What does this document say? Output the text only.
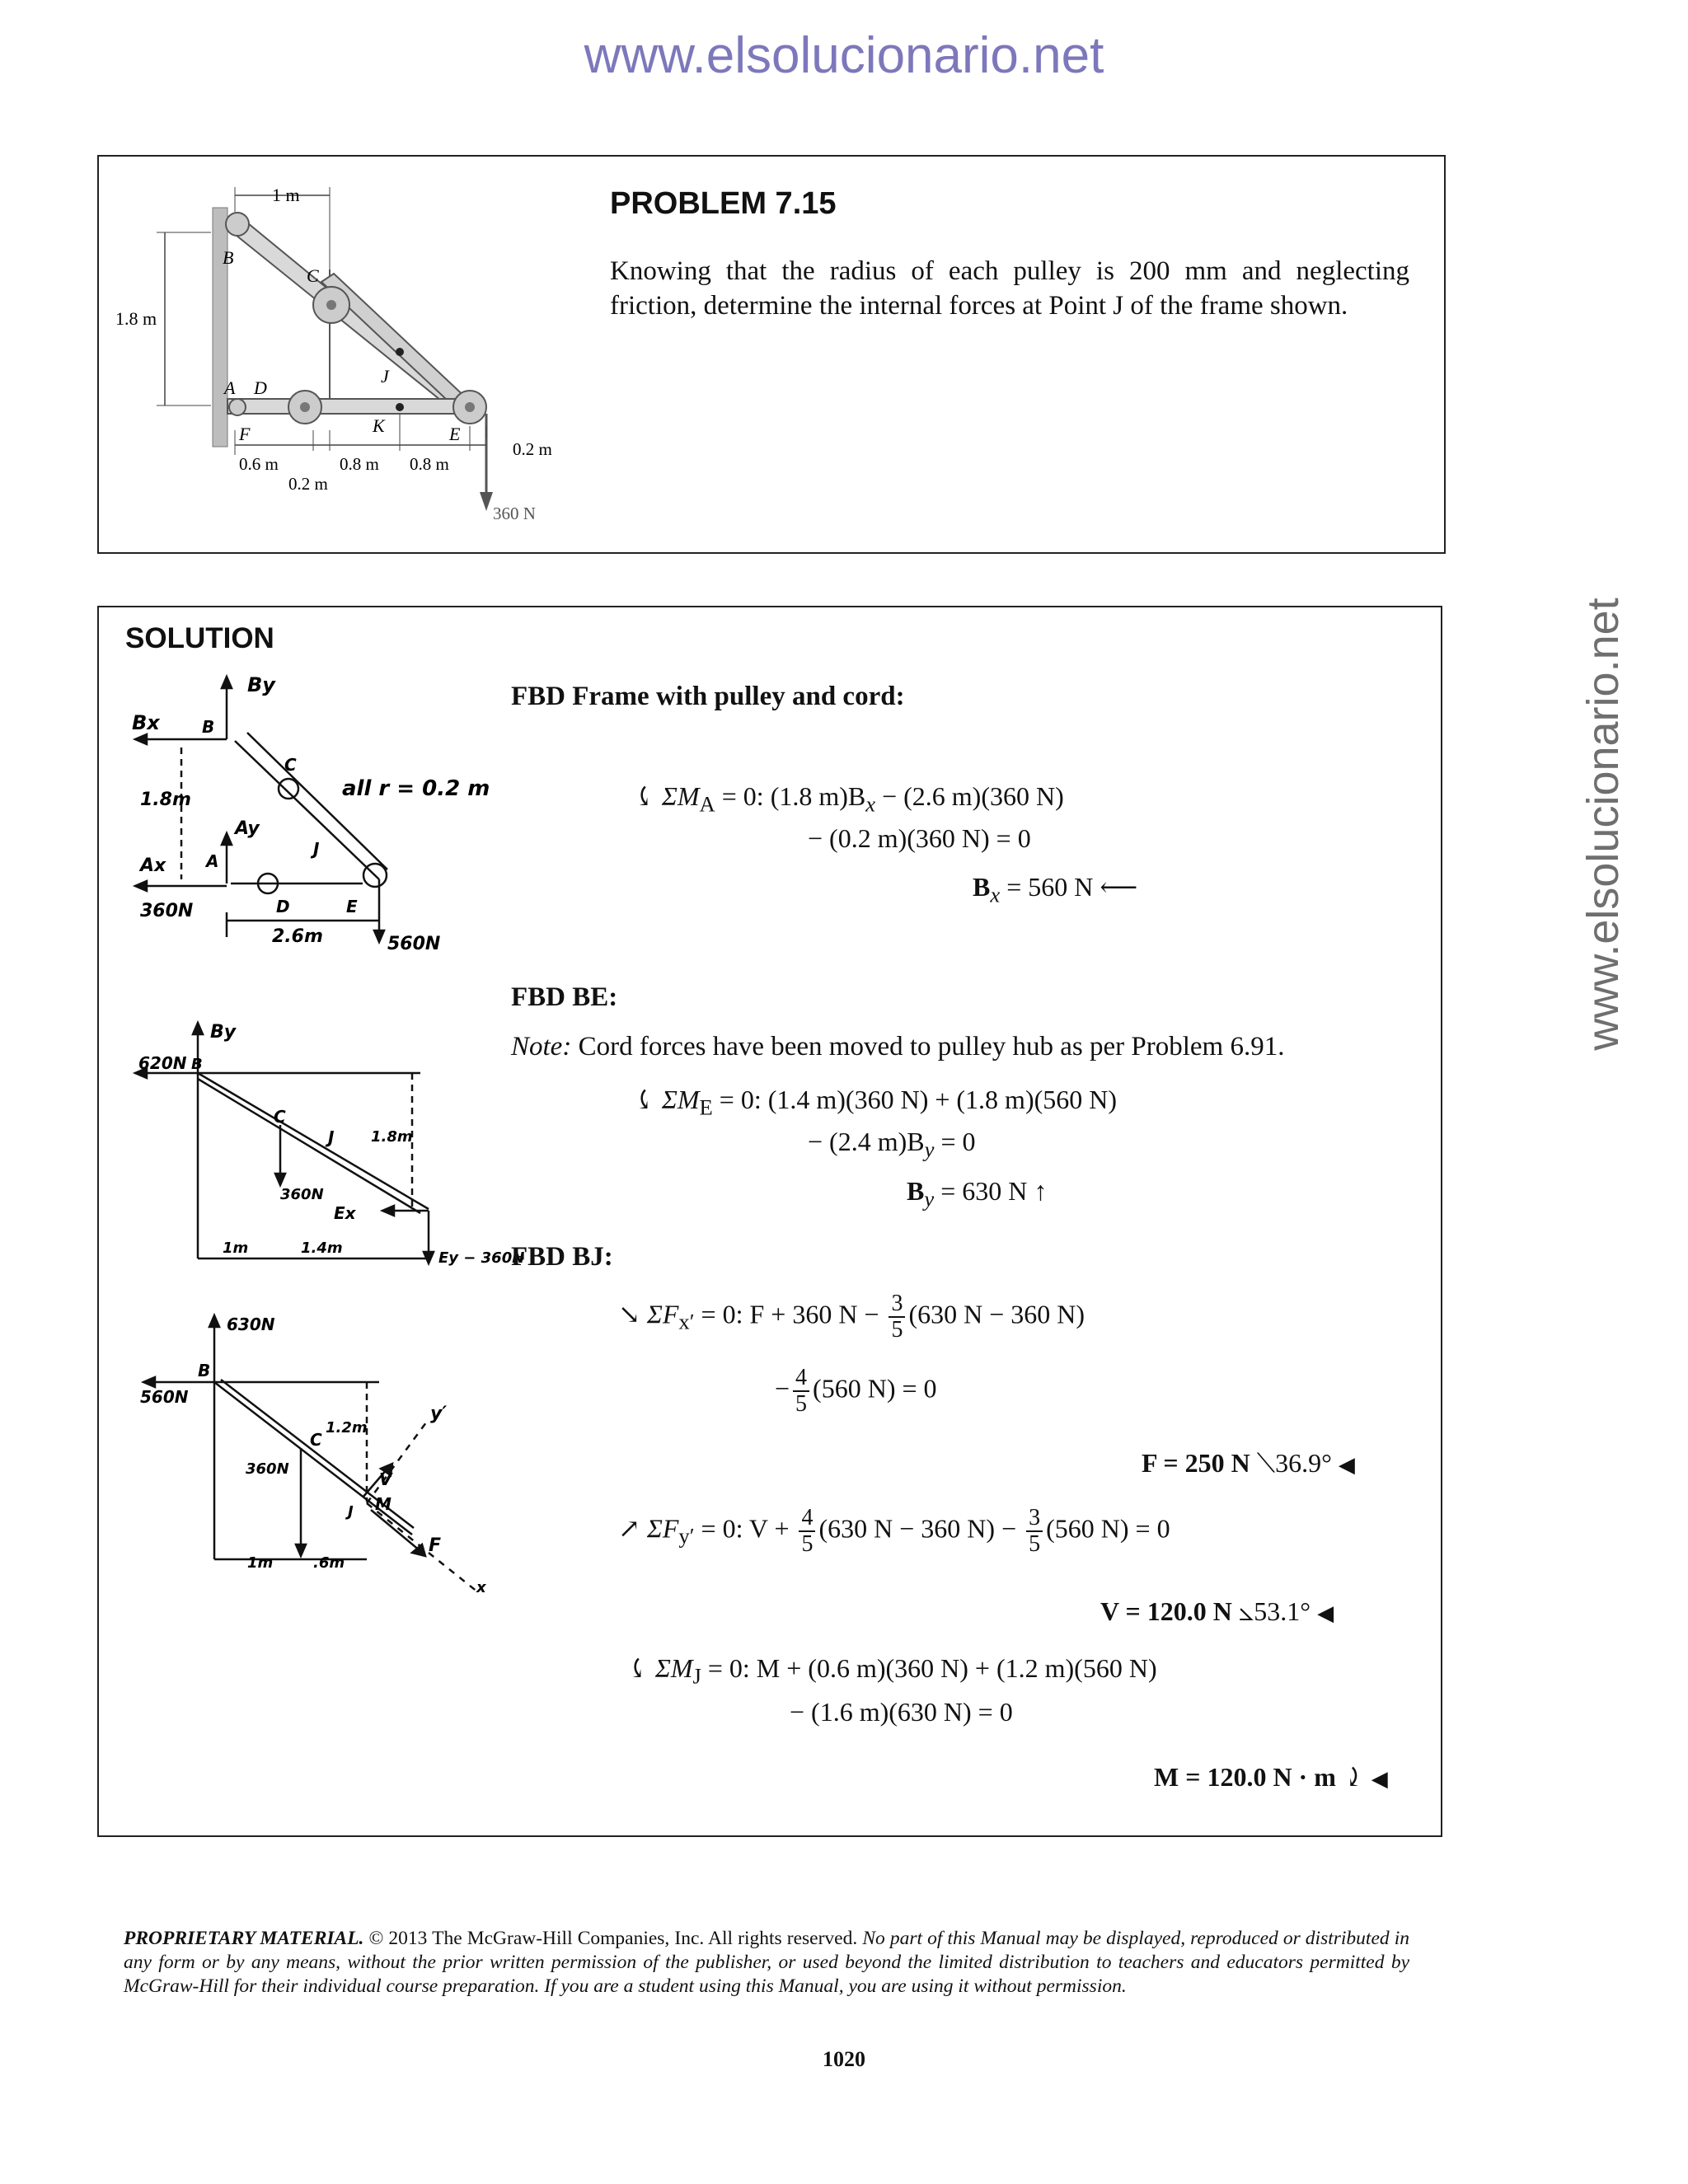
www.elsolucionario.net
www.elsolucionario.net
1 m
1.8 m
B
C
J
A D
K	E
F
0.6 m
0.2 m
0.8 m 0.8 m
0.2 m
360 N
PROBLEM 7.15
Knowing that the radius of each pulley is 200 mm and neglecting friction, determine the internal forces at Point J of the frame shown.
SOLUTION
By
Bx	B
C
all r = 0.2 m
1.8m
Ay
Ax A
J
D	E
360N
2.6m	560N
FBD Frame with pulley and cord:
⤹ $\Sigma M_A = 0$: (1.8 $m)B_x - (2.6$ m)(360 N)
− (0.2 m)(360 N) = 0
$B_x = 560$ N ⟵
By
620N B
C
J 1.8m
360N
Ex
1m	1.4m
Ey − 360N
FBD BE:
Note: Cord forces have been moved to pulley hub as per Problem 6.91.
⤹ $\Sigma M_E = 0$: (1.4 m)(360 N) + (1.8 m)(560 N)
− (2.4 $m)B_y = 0$
$B_y = 630$ N ↑
630N
B
560N
1.2m
C
y′
360N
V
M
J
F
1m	.6m
x
FBD BJ:
↘ $\Sigma F_{x'} = 0$: F + 360 $N - \frac{3}{5} (630$ N − 360 N)
− $\frac{4}{5} (560$ N) = 0
F = 250 N ⟍36.9° ◀
↗ $\Sigma F_{y'} = 0$: $V + \frac{4}{5} (630$ N − 360 $N) - \frac{3}{5} (560$ N) = 0
V = 120.0 N ⦣53.1° ◀
⤹ $\Sigma M_J = 0$: M + (0.6 m)(360 N) + (1.2 m)(560 N)
− (1.6 m)(630 N) = 0
M = 120.0 N · m ⤸ ◀
PROPRIETARY MATERIAL. © 2013 The McGraw-Hill Companies, Inc. All rights reserved. No part of this Manual may be displayed, reproduced or distributed in any form or by any means, without the prior written permission of the publisher, or used beyond the limited distribution to teachers and educators permitted by McGraw-Hill for their individual course preparation. If you are a student using this Manual, you are using it without permission.
1020
